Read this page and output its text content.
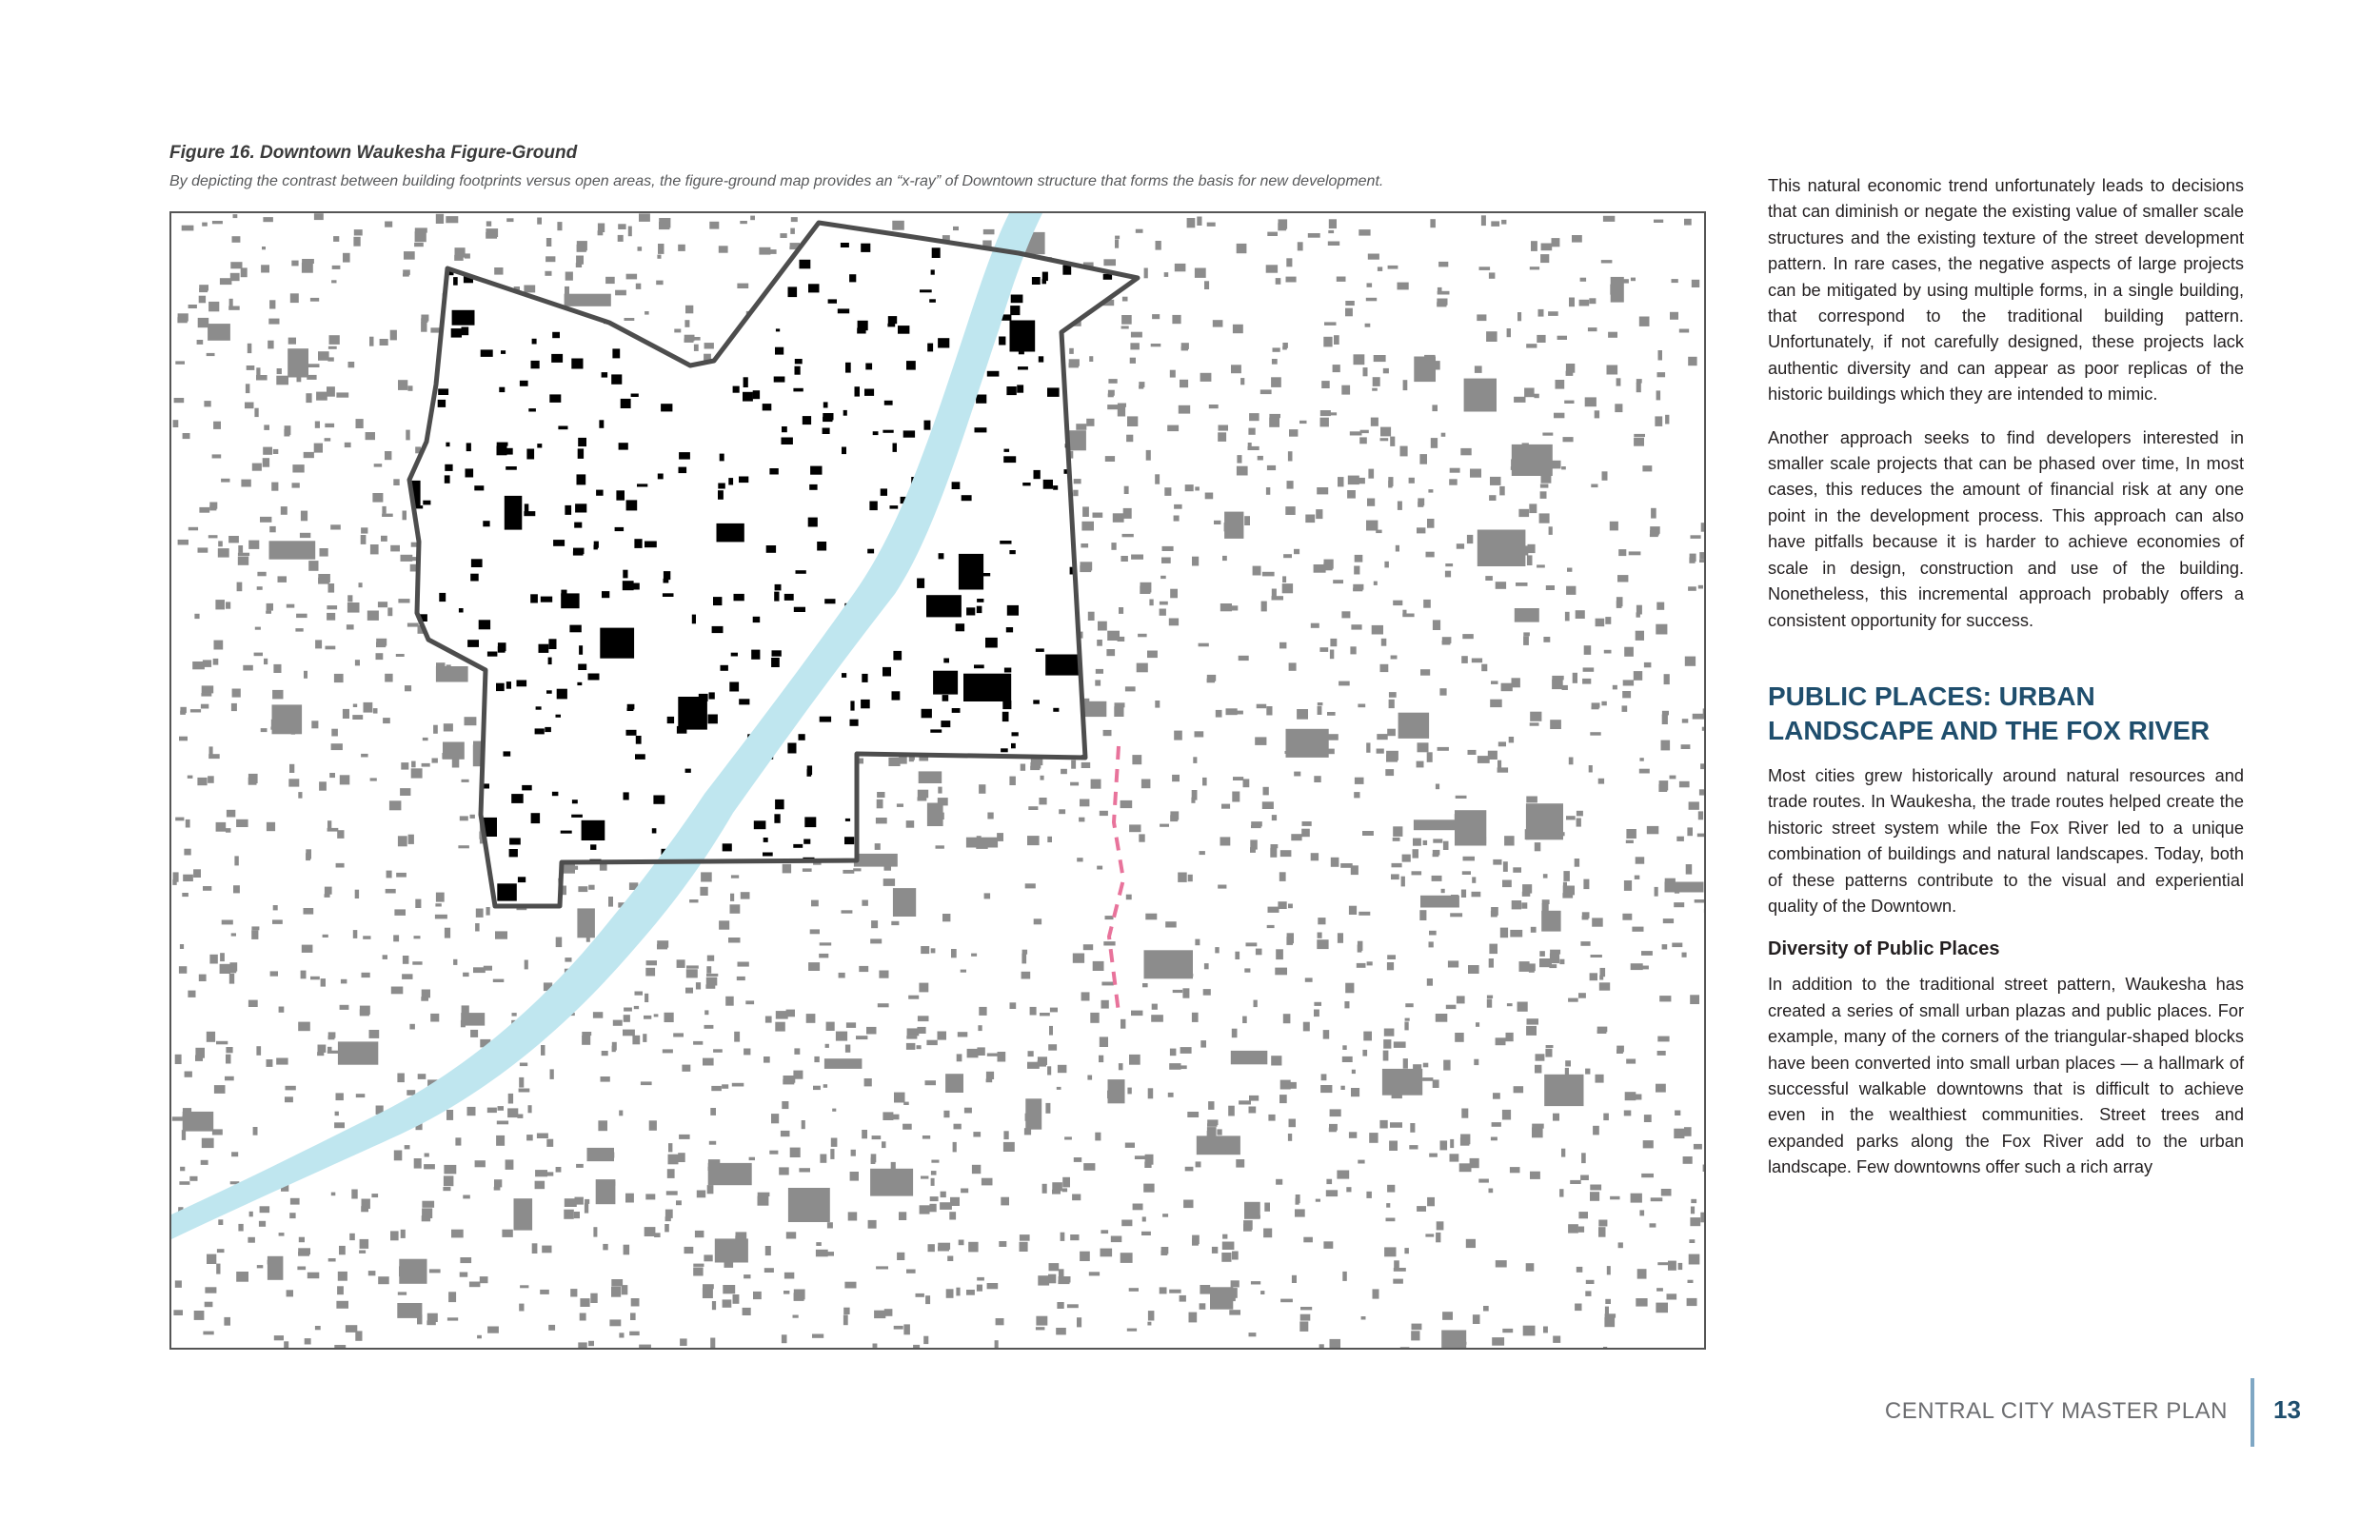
Figure 16. Downtown Waukesha Figure-Ground

By depicting the contrast between building footprints versus open areas, the figure-ground map provides an “x-ray” of Downtown structure that forms the basis for new development.	This natural economic trend unfortunately leads to decisions that can diminish or negate the existing value of smaller scale structures and the existing texture of the street development pattern. In rare cases, the negative aspects of large projects can be mitigated by using multiple forms, in a single building, that correspond to the traditional building pattern. Unfortunately, if not carefully designed, these projects lack authentic diversity and can appear as poor replicas of the historic buildings which they are intended to mimic.

Another approach seeks to find developers interested in smaller scale projects that can be phased over time, In most cases, this reduces the amount of financial risk at any one point in the development process. This approach can also have pitfalls because it is harder to achieve economies of scale in design, construction and use of the building. Nonetheless, this incremental approach probably offers a consistent opportunity for success.

PUBLIC PLACES: URBAN LANDSCAPE AND THE FOX RIVER

Most cities grew historically around natural resources and trade routes. In Waukesha, the trade routes helped create the historic street system while the Fox River led to a unique combination of buildings and natural landscapes. Today, both of these patterns contribute to the visual and experiential quality of the Downtown.

Diversity of Public Places

In addition to the traditional street pattern, Waukesha has created a series of small urban plazas and public places. For example, many of the corners of the triangular-shaped blocks have been converted into small urban places — a hallmark of successful walkable downtowns that is difficult to achieve even in the wealthiest communities. Street trees and expanded parks along the Fox River add to the urban landscape. Few downtowns offer such a rich array

CENTRAL CITY MASTER PLAN 13
